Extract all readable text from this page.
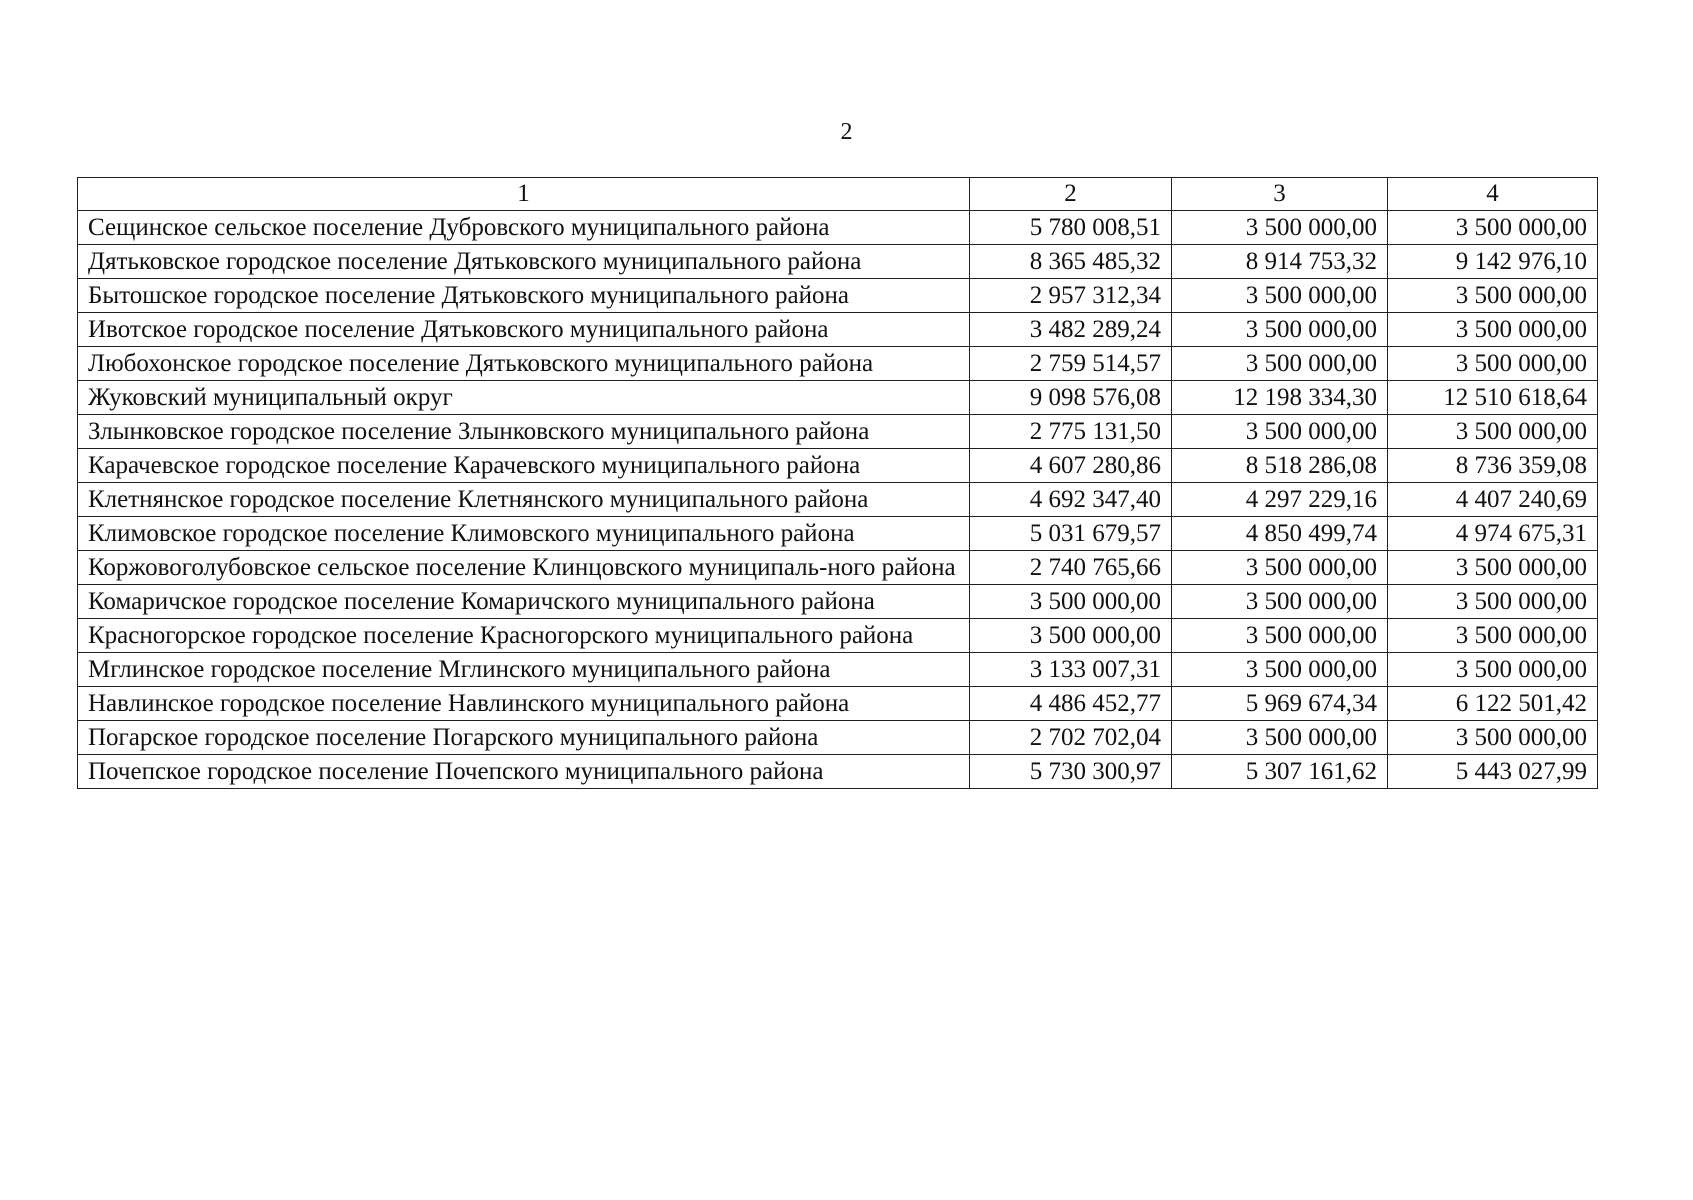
2
1	2	3	4
Сещинское сельское поселение Дубровского муниципального района	5 780 008,51	3 500 000,00	3 500 000,00
Дятьковское городское поселение Дятьковского муниципального района	8 365 485,32	8 914 753,32	9 142 976,10
Бытошское городское поселение Дятьковского муниципального района	2 957 312,34	3 500 000,00	3 500 000,00
Ивотское городское поселение Дятьковского муниципального района	3 482 289,24	3 500 000,00	3 500 000,00
Любохонское городское поселение Дятьковского муниципального района	2 759 514,57	3 500 000,00	3 500 000,00
Жуковский муниципальный округ	9 098 576,08	12 198 334,30	12 510 618,64
Злынковское городское поселение Злынковского муниципального района	2 775 131,50	3 500 000,00	3 500 000,00
Карачевское городское поселение Карачевского муниципального района	4 607 280,86	8 518 286,08	8 736 359,08
Клетнянское городское поселение Клетнянского муниципального района	4 692 347,40	4 297 229,16	4 407 240,69
Климовское городское поселение Климовского муниципального района	5 031 679,57	4 850 499,74	4 974 675,31
Коржовоголубовское сельское поселение Клинцовского муниципаль-ного района	2 740 765,66	3 500 000,00	3 500 000,00
Комаричское городское поселение Комаричского муниципального района	3 500 000,00	3 500 000,00	3 500 000,00
Красногорское городское поселение Красногорского муниципального района	3 500 000,00	3 500 000,00	3 500 000,00
Мглинское городское поселение Мглинского муниципального района	3 133 007,31	3 500 000,00	3 500 000,00
Навлинское городское поселение Навлинского муниципального района	4 486 452,77	5 969 674,34	6 122 501,42
Погарское городское поселение Погарского муниципального района	2 702 702,04	3 500 000,00	3 500 000,00
Почепское городское поселение Почепского муниципального района	5 730 300,97	5 307 161,62	5 443 027,99
